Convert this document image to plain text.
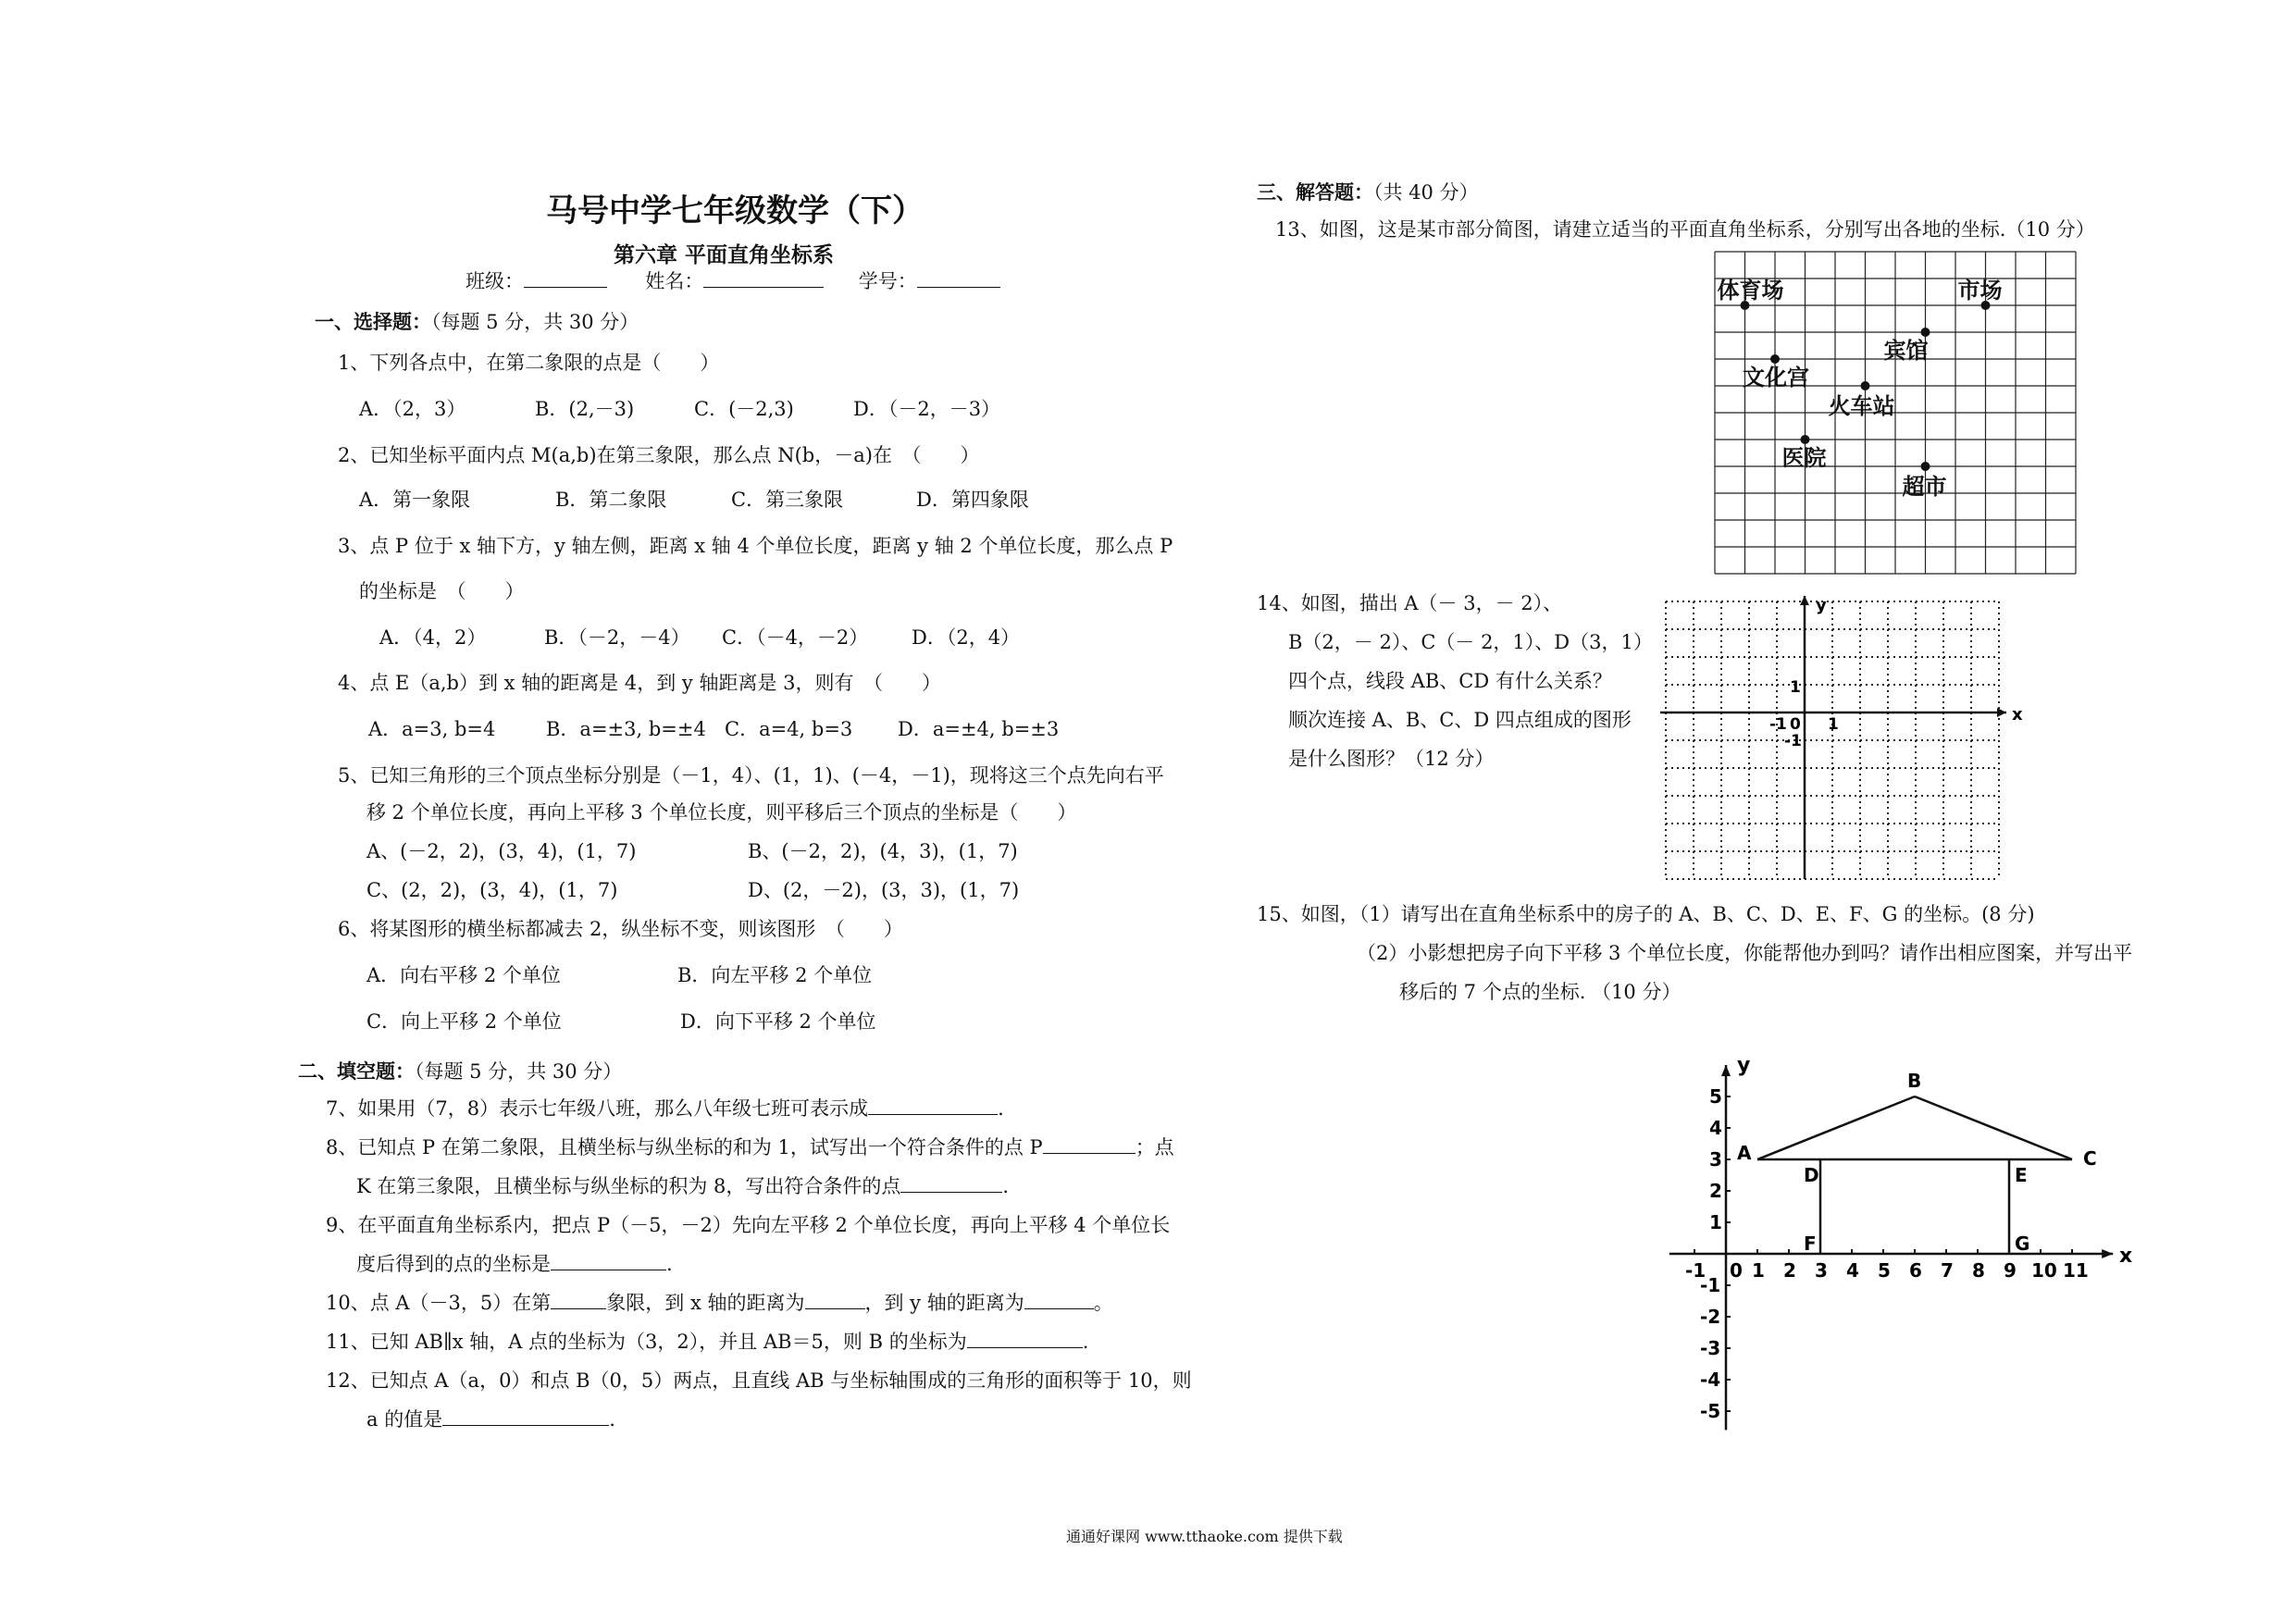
马号中学七年级数学（下）
第六章 平面直角坐标系
班级：	姓名：	学号：
一、选择题：（每题 5 分，共 30 分）
1、下列各点中，在第二象限的点是（　　）
A．（2，3）	B．(2,－3)	C．(－2,3)	D．（－2，－3）
2、已知坐标平面内点 M(a,b)在第三象限，那么点 N(b，－a)在　（　　）
A．第一象限	B．第二象限	C．第三象限	D．第四象限
3、点 P 位于 x 轴下方，y 轴左侧，距离 x 轴 4 个单位长度，距离 y 轴 2 个单位长度，那么点 P
的坐标是　（　　）
A．（4，2）	B．（－2，－4） C．（－4，－2） D．（2，4）
4、点 E（a,b）到 x 轴的距离是 4，到 y 轴距离是 3，则有　（　　）
A．a=3, b=4	B．a=±3, b=±4 C．a=4, b=3 D．a=±4, b=±3
5、已知三角形的三个顶点坐标分别是（－1，4）、(1，1)、(－4，－1)，现将这三个点先向右平
移 2 个单位长度，再向上平移 3 个单位长度，则平移后三个顶点的坐标是（　　）
A、(－2，2)，(3，4)，(1，7)	B、(－2，2)，(4，3)，(1，7)
C、(2，2)，(3，4)，(1，7)	D、(2，－2)，(3，3)，(1，7)
6、将某图形的横坐标都减去 2，纵坐标不变，则该图形　（　　）
A．向右平移 2 个单位	B．向左平移 2 个单位
C．向上平移 2 个单位	D．向下平移 2 个单位
二、填空题：（每题 5 分，共 30 分）
7、如果用（7，8）表示七年级八班，那么八年级七班可表示成	.
8、已知点 P 在第二象限，且横坐标与纵坐标的和为 1，试写出一个符合条件的点 P	；点
K 在第三象限，且横坐标与纵坐标的积为 8，写出符合条件的点	.
9、在平面直角坐标系内，把点 P（－5，－2）先向左平移 2 个单位长度，再向上平移 4 个单位长
度后得到的点的坐标是	.
10、点 A（－3，5）在第	象限，到 x 轴的距离为	，到 y 轴的距离为	。
11、已知 AB∥x 轴，A 点的坐标为（3，2），并且 AB＝5，则 B 的坐标为	.
12、已知点 A（a，0）和点 B（0，5）两点，且直线 AB 与坐标轴围成的三角形的面积等于 10，则
a 的值是	.
三、解答题：（共 40 分）
13、如图，这是某市部分简图，请建立适当的平面直角坐标系，分别写出各地的坐标.（10 分）
体育场	市场
宾馆
文化宫
火车站
医院
超市
14、如图，描出 A（－ 3，－ 2）、
B（2，－ 2）、C（－ 2，1）、D（3，1）
四个点，线段 AB、CD 有什么关系？
顺次连接 A、B、C、D 四点组成的图形
是什么图形？（12 分）
x
y
0 1
-1
1
-1
15、如图，（1）请写出在直角坐标系中的房子的 A、B、C、D、E、F、G 的坐标。(8 分)
（2）小影想把房子向下平移 3 个单位长度，你能帮他办到吗？请作出相应图案，并写出平
移后的 7 个点的坐标. （10 分）
x
y
-1 0 1 2 3 4 5 6 7 8 9 10 11
1
2
3
4
5
-1
-2
-3
-4
-5
A
B
C
D	E
F	G
通通好课网 www.tthaoke.com 提供下载
